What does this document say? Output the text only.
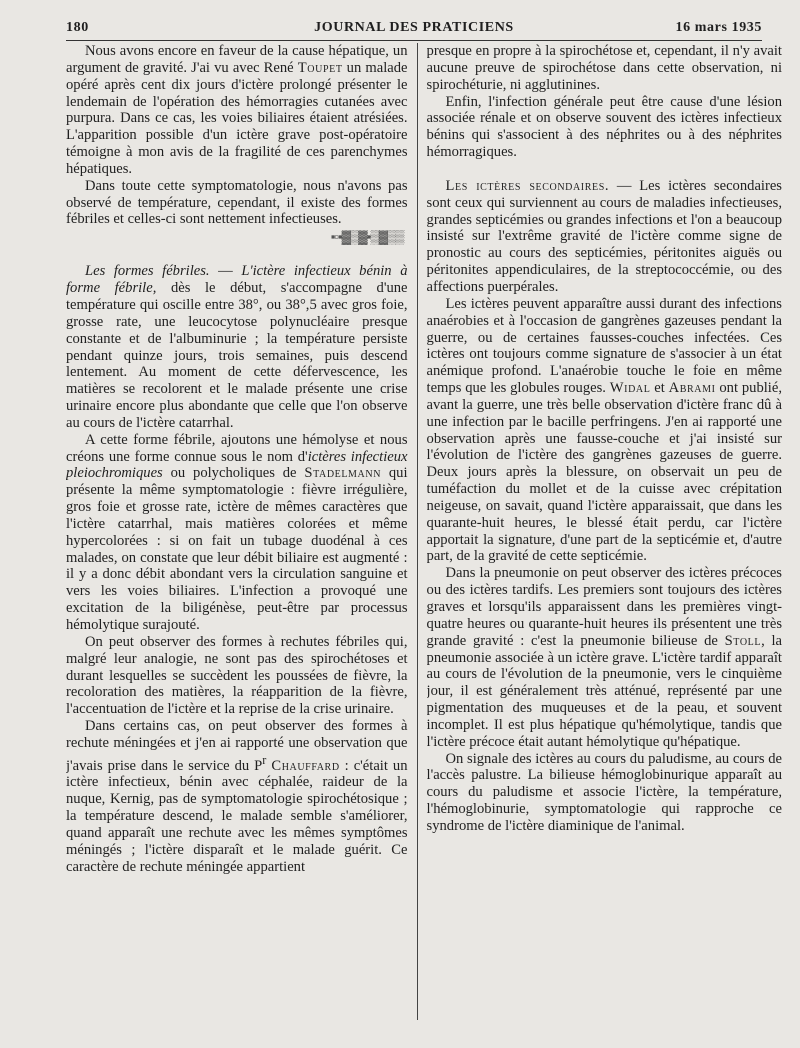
180	JOURNAL DES PRATICIENS	16 mars 1935

Nous avons encore en faveur de la cause hépatique, un argument de gravité. J'ai vu avec René Toupet un malade opéré après cent dix jours d'ictère prolongé présenter le lendemain de l'opération des hémorragies cutanées avec purpura. Dans ce cas, les voies biliaires étaient atrésiées. L'apparition possible d'un ictère grave post-opératoire témoigne à mon avis de la fragilité de ces parenchymes hépatiques.

Dans toute cette symptomatologie, nous n'avons pas observé de température, cependant, il existe des formes fébriles et celles-ci sont nettement infectieuses.

▪▫▪▓▒▓▪▒▓▒▒

Les formes fébriles. — L'ictère infectieux bénin à forme fébrile, dès le début, s'accompagne d'une température qui oscille entre 38°, ou 38°,5 avec gros foie, grosse rate, une leucocytose polynucléaire presque constante et de l'albuminurie ; la température persiste pendant quinze jours, trois semaines, puis descend lentement. Au moment de cette défervescence, les matières se recolorent et le malade présente une crise urinaire encore plus abondante que celle que l'on observe au cours de l'ictère catarrhal.

A cette forme fébrile, ajoutons une hémolyse et nous créons une forme connue sous le nom d'ictères infectieux pleiochromiques ou polycholiques de Stadelmann qui présente la même symptomatologie : fièvre irrégulière, gros foie et grosse rate, ictère de mêmes caractères que l'ictère catarrhal, mais matières colorées et même hypercolorées : si on fait un tubage duodénal à ces malades, on constate que leur débit biliaire est augmenté : il y a donc débit abondant vers la circulation sanguine et vers les voies biliaires. L'infection a provoqué une excitation de la biligénèse, peut-être par processus hémolytique surajouté.

On peut observer des formes à rechutes fébriles qui, malgré leur analogie, ne sont pas des spirochétoses et durant lesquelles se succèdent les poussées de fièvre, la recoloration des matières, la réapparition de la fièvre, l'accentuation de l'ictère et la reprise de la crise urinaire.

Dans certains cas, on peut observer des formes à rechute méningées et j'en ai rapporté une observation que j'avais prise dans le service du $P^r$ Chauffard : c'était un ictère infectieux, bénin avec céphalée, raideur de la nuque, Kernig, pas de symptomatologie spirochétosique ; la température descend, le malade semble s'améliorer, quand apparaît une rechute avec les mêmes symptômes méningés ; l'ictère disparaît et le malade guérit. Ce caractère de rechute méningée appartient

presque en propre à la spirochétose et, cependant, il n'y avait aucune preuve de spirochétose dans cette observation, ni spirochéturie, ni agglutinines.

Enfin, l'infection générale peut être cause d'une lésion associée rénale et on observe souvent des ictères infectieux bénins qui s'associent à des néphrites ou à des néphrites hémorragiques.

Les ictères secondaires. — Les ictères secondaires sont ceux qui surviennent au cours de maladies infectieuses, grandes septicémies ou grandes infections et l'on a beaucoup insisté sur l'extrême gravité de l'ictère comme signe de pronostic au cours des septicémies, péritonites aiguës ou péritonites appendiculaires, de la streptococcémie, ou des affections puerpérales.

Les ictères peuvent apparaître aussi durant des infections anaérobies et à l'occasion de gangrènes gazeuses pendant la guerre, ou de certaines fausses-couches infectées. Ces ictères ont toujours comme signature de s'associer à un état anémique profond. L'anaérobie touche le foie en même temps que les globules rouges. Widal et Abrami ont publié, avant la guerre, une très belle observation d'ictère franc dû à une infection par le bacille perfringens. J'en ai rapporté une observation après une fausse-couche et j'ai insisté sur l'évolution de l'ictère des gangrènes gazeuses de guerre. Deux jours après la blessure, on observait un peu de tuméfaction du mollet et de la cuisse avec crépitation neigeuse, on savait, quand l'ictère apparaissait, que dans les quarante-huit heures, le blessé était perdu, car l'ictère apportait la signature, d'une part de la septicémie et, d'autre part, de la gravité de cette septicémie.

Dans la pneumonie on peut observer des ictères précoces ou des ictères tardifs. Les premiers sont toujours des ictères graves et lorsqu'ils apparaissent dans les premières vingt-quatre heures ou quarante-huit heures ils présentent une très grande gravité : c'est la pneumonie bilieuse de Stoll, la pneumonie associée à un ictère grave. L'ictère tardif apparaît au cours de l'évolution de la pneumonie, vers le cinquième jour, il est généralement très atténué, représenté par une pigmentation des muqueuses et de la peau, et souvent incomplet. Il est plus hépatique qu'hémolytique, tandis que l'ictère précoce était autant hémolytique qu'hépatique.

On signale des ictères au cours du paludisme, au cours de l'accès palustre. La bilieuse hémoglobinurique apparaît au cours du paludisme et associe l'ictère, la température, l'hémoglobinurie, symptomatologie qui rapproche ce syndrome de l'ictère diaminique de l'animal.
